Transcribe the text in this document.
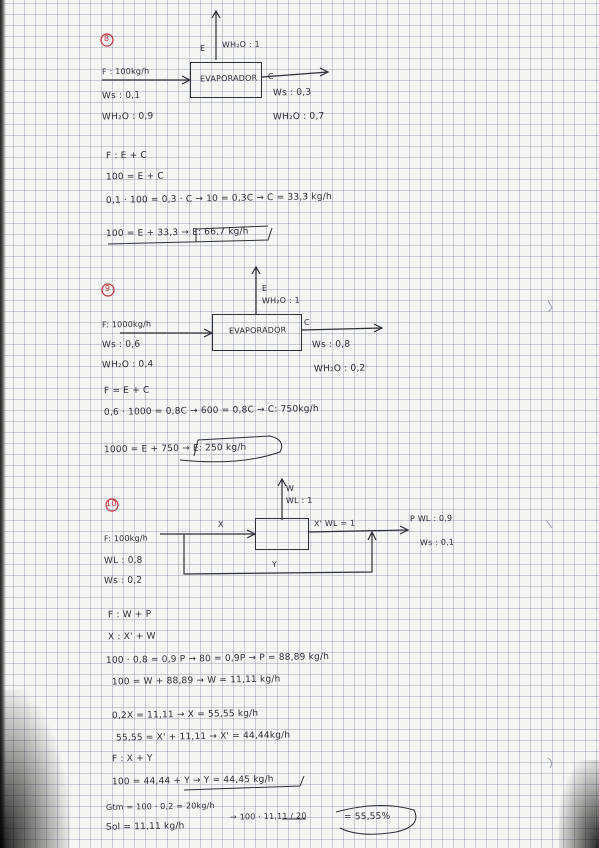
8
E WH₂O : 1
EVAPORADOR
F : 100kg/h
Ws : 0,1
WH₂O : 0,9
C
Ws : 0,3
WH₂O : 0,7
F : E + C
100 = E + C
0,1 · 100 = 0,3 · C → 10 = 0,3C → C = 33,3 kg/h
100 = E + 33,3 → E: 66,7 kg/h
9	E
WH₂O : 1
EVAPORADOR
F: 1000kg/h
Ws : 0,6
WH₂O : 0,4
C
Ws : 0,8
WH₂O : 0,2
F = E + C
0,6 · 1000 = 0,8C → 600 = 0,8C → C: 750kg/h
1000 = E + 750 → E: 250 kg/h
10
W
WL : 1
X	X' WL = 1
Y
F: 100kg/h
WL : 0,8
Ws : 0,2
P WL : 0,9
Ws : 0,1
F : W + P
X : X' + W
100 · 0,8 = 0,9 P → 80 = 0,9P → P = 88,89 kg/h
100 = W + 88,89 → W = 11,11 kg/h
0,2X = 11,11 → X = 55,55 kg/h
55,55 = X' + 11,11 → X' = 44,44kg/h
F : X + Y
100 = 44,44 + Y → Y = 44,45 kg/h
Gtm = 100 · 0,2 = 20kg/h
Sol = 11,11 kg/h
→ 100 · 11,11 / 20	= 55,55%
